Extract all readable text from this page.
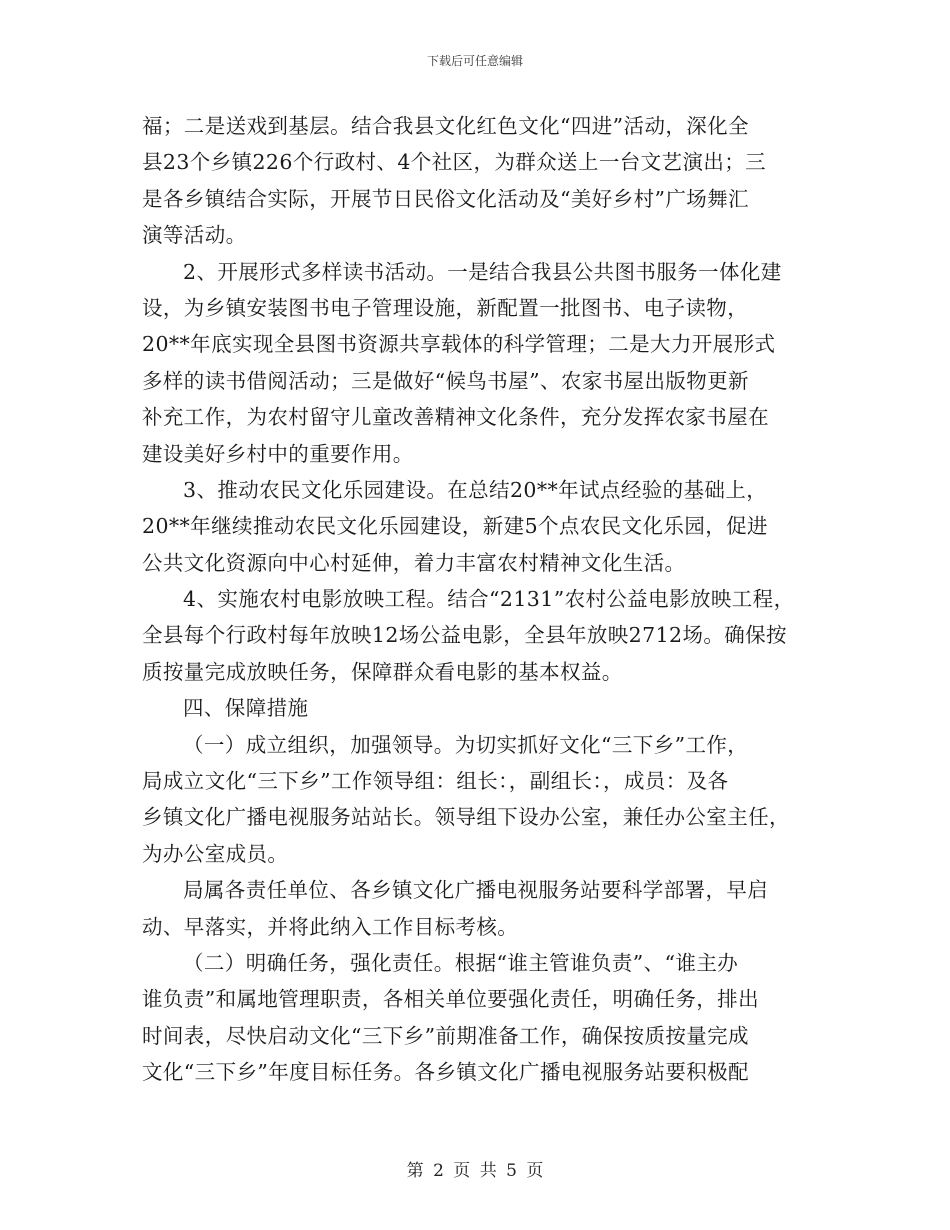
下载后可任意编辑
福；二是送戏到基层。结合我县文化红色文化“四进”活动，深化全
县23个乡镇226个行政村、4个社区，为群众送上一台文艺演出；三
是各乡镇结合实际，开展节日民俗文化活动及“美好乡村”广场舞汇
演等活动。
2、开展形式多样读书活动。一是结合我县公共图书服务一体化建
设，为乡镇安装图书电子管理设施，新配置一批图书、电子读物，
20**年底实现全县图书资源共享载体的科学管理；二是大力开展形式
多样的读书借阅活动；三是做好“候鸟书屋”、农家书屋出版物更新
补充工作，为农村留守儿童改善精神文化条件，充分发挥农家书屋在
建设美好乡村中的重要作用。
3、推动农民文化乐园建设。在总结20**年试点经验的基础上，
20**年继续推动农民文化乐园建设，新建5个点农民文化乐园，促进
公共文化资源向中心村延伸，着力丰富农村精神文化生活。
4、实施农村电影放映工程。结合“2131”农村公益电影放映工程，
全县每个行政村每年放映12场公益电影，全县年放映2712场。确保按
质按量完成放映任务，保障群众看电影的基本权益。
四、保障措施
（一）成立组织，加强领导。为切实抓好文化“三下乡”工作，
局成立文化“三下乡”工作领导组：组长：，副组长：，成员：及各
乡镇文化广播电视服务站站长。领导组下设办公室，兼任办公室主任，
为办公室成员。
局属各责任单位、各乡镇文化广播电视服务站要科学部署，早启
动、早落实，并将此纳入工作目标考核。
（二）明确任务，强化责任。根据“谁主管谁负责”、“谁主办
谁负责”和属地管理职责，各相关单位要强化责任，明确任务，排出
时间表，尽快启动文化“三下乡”前期准备工作，确保按质按量完成
文化“三下乡”年度目标任务。各乡镇文化广播电视服务站要积极配
第 2 页 共 5 页
